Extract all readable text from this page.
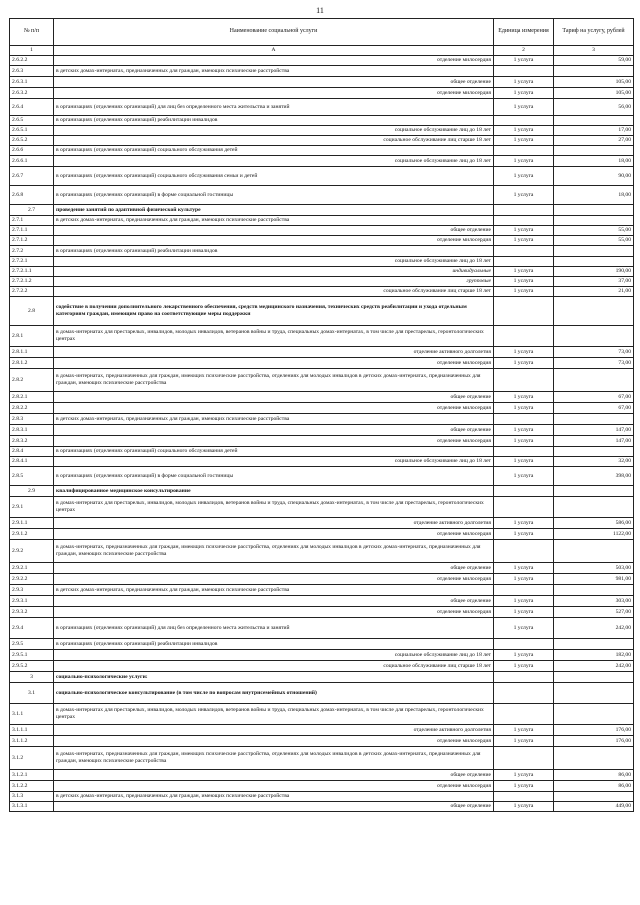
11
№ п/п	Наименование социальной услуги	Единица измерения	Тариф на услугу, рублей
1	А	2	3
2.6.2.2	отделение милосердия	1 услуга	59,00
2.6.3	в детских домах-интернатах, предназначенных для граждан, имеющих психические расстройства		
2.6.3.1	общее отделение	1 услуга	105,00
2.6.3.2	отделение милосердия	1 услуга	105,00
2.6.4	в организациях (отделениях организаций) для лиц без определенного места жительства и занятий	1 услуга	56,00
2.6.5	в организациях (отделениях организаций) реабилитации инвалидов		
2.6.5.1	социальное обслуживание лиц до 18 лет	1 услуга	17,00
2.6.5.2	социальное обслуживание лиц старше 18 лет	1 услуга	27,00
2.6.6	в организациях (отделениях организаций) социального обслуживания детей		
2.6.6.1	социальное обслуживание лиц до 18 лет	1 услуга	18,00
2.6.7	в организациях (отделениях организаций) социального обслуживания семьи и детей	1 услуга	90,00
2.6.8	в организациях (отделениях организаций) в форме социальной гостиницы	1 услуга	18,00
2.7	проведение занятий по адаптивной физической культуре		
2.7.1	в детских домах-интернатах, предназначенных для граждан, имеющих психические расстройства		
2.7.1.1	общее отделение	1 услуга	55,00
2.7.1.2	отделение милосердия	1 услуга	55,00
2.7.2	в организациях (отделениях организаций) реабилитации инвалидов		
2.7.2.1	социальное обслуживание лиц до 18 лет		
2.7.2.1.1	индивидуальные	1 услуга	190,00
2.7.2.1.2	групповые	1 услуга	37,00
2.7.2.2	социальное обслуживание лиц старше 18 лет	1 услуга	21,00
2.8	содействие в получении дополнительного лекарственного обеспечения, средств медицинского назначения, технических средств реабилитации и ухода отдельным категориям граждан, имеющим право на соответствующие меры поддержки		
2.8.1	в домах-интернатах для престарелых, инвалидов, молодых инвалидов, ветеранов войны и труда, специальных домах-интернатах, в том числе для престарелых, геронтологических центрах		
2.8.1.1	отделение активного долголетия	1 услуга	73,00
2.8.1.2	отделение милосердия	1 услуга	73,00
2.8.2	в домах-интернатах, предназначенных для граждан, имеющих психические расстройства, отделениях для молодых инвалидов в детских домах-интернатах, предназначенных для граждан, имеющих психические расстройства		
2.8.2.1	общее отделение	1 услуга	67,00
2.8.2.2	отделение милосердия	1 услуга	67,00
2.8.3	в детских домах-интернатах, предназначенных для граждан, имеющих психические расстройства		
2.8.3.1	общее отделение	1 услуга	147,00
2.8.3.2	отделение милосердия	1 услуга	147,00
2.8.4	в организациях (отделениях организаций) социального обслуживания детей		
2.8.4.1	социальное обслуживание лиц до 18 лет	1 услуга	32,00
2.8.5	в организациях (отделениях организаций) в форме социальной гостиницы	1 услуга	398,00
2.9	квалифицированное медицинское консультирование		
2.9.1	в домах-интернатах для престарелых, инвалидов, молодых инвалидов, ветеранов войны и труда, специальных домах-интернатах, в том числе для престарелых, геронтологических центрах		
2.9.1.1	отделение активного долголетия	1 услуга	586,00
2.9.1.2	отделение милосердия	1 услуга	1122,00
2.9.2	в домах-интернатах, предназначенных для граждан, имеющих психические расстройства, отделениях для молодых инвалидов в детских домах-интернатах, предназначенных для граждан, имеющих психические расстройства		
2.9.2.1	общее отделение	1 услуга	503,00
2.9.2.2	отделение милосердия	1 услуга	981,00
2.9.3	в детских домах-интернатах, предназначенных для граждан, имеющих психические расстройства		
2.9.3.1	общее отделение	1 услуга	303,00
2.9.3.2	отделение милосердия	1 услуга	527,00
2.9.4	в организациях (отделениях организаций) для лиц без определенного места жительства и занятий	1 услуга	242,00
2.9.5	в организациях (отделениях организаций) реабилитации инвалидов		
2.9.5.1	социальное обслуживание лиц до 18 лет	1 услуга	182,00
2.9.5.2	социальное обслуживание лиц старше 18 лет	1 услуга	242,00
3	социально-психологические услуги:		
3.1	социально-психологическое консультирование (в том числе по вопросам внутрисемейных отношений)		
3.1.1	в домах-интернатах для престарелых, инвалидов, молодых инвалидов, ветеранов войны и труда, специальных домах-интернатах, в том числе для престарелых, геронтологических центрах		
3.1.1.1	отделение активного долголетия	1 услуга	176,00
3.1.1.2	отделение милосердия	1 услуга	176,00
3.1.2	в домах-интернатах, предназначенных для граждан, имеющих психические расстройства, отделениях для молодых инвалидов в детских домах-интернатах, предназначенных для граждан, имеющих психические расстройства		
3.1.2.1	общее отделение	1 услуга	86,00
3.1.2.2	отделение милосердия	1 услуга	86,00
3.1.3	в детских домах-интернатах, предназначенных для граждан, имеющих психические расстройства		
3.1.3.1	общее отделение	1 услуга	449,00
